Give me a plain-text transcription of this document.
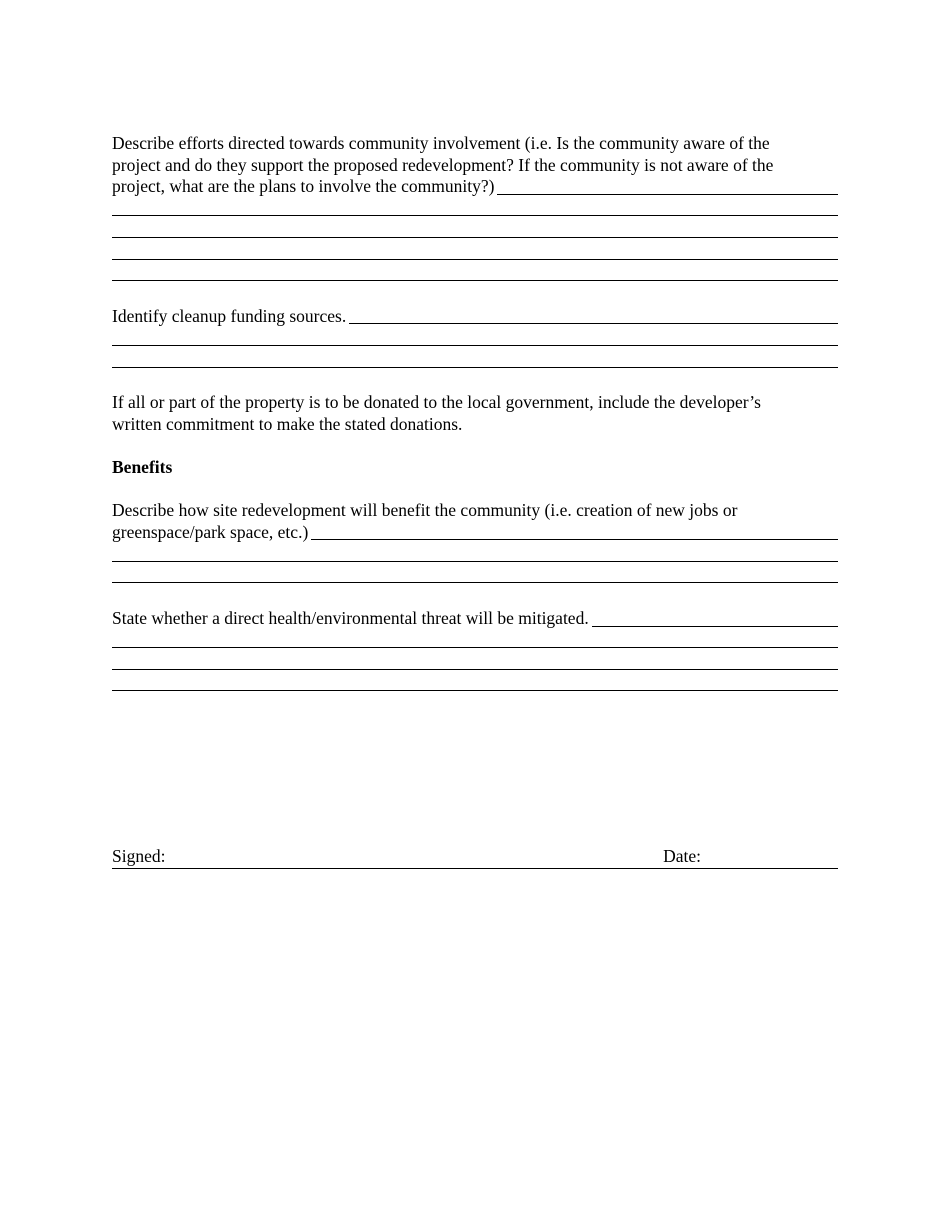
Describe efforts directed towards community involvement (i.e. Is the community aware of the
project and do they support the proposed redevelopment? If the community is not aware of the
project, what are the plans to involve the community?)
Identify cleanup funding sources.
If all or part of the property is to be donated to the local government, include the developer’s
written commitment to make the stated donations.
Benefits
Describe how site redevelopment will benefit the community (i.e. creation of new jobs or
greenspace/park space, etc.)
State whether a direct health/environmental threat will be mitigated.
Signed:	Date:
